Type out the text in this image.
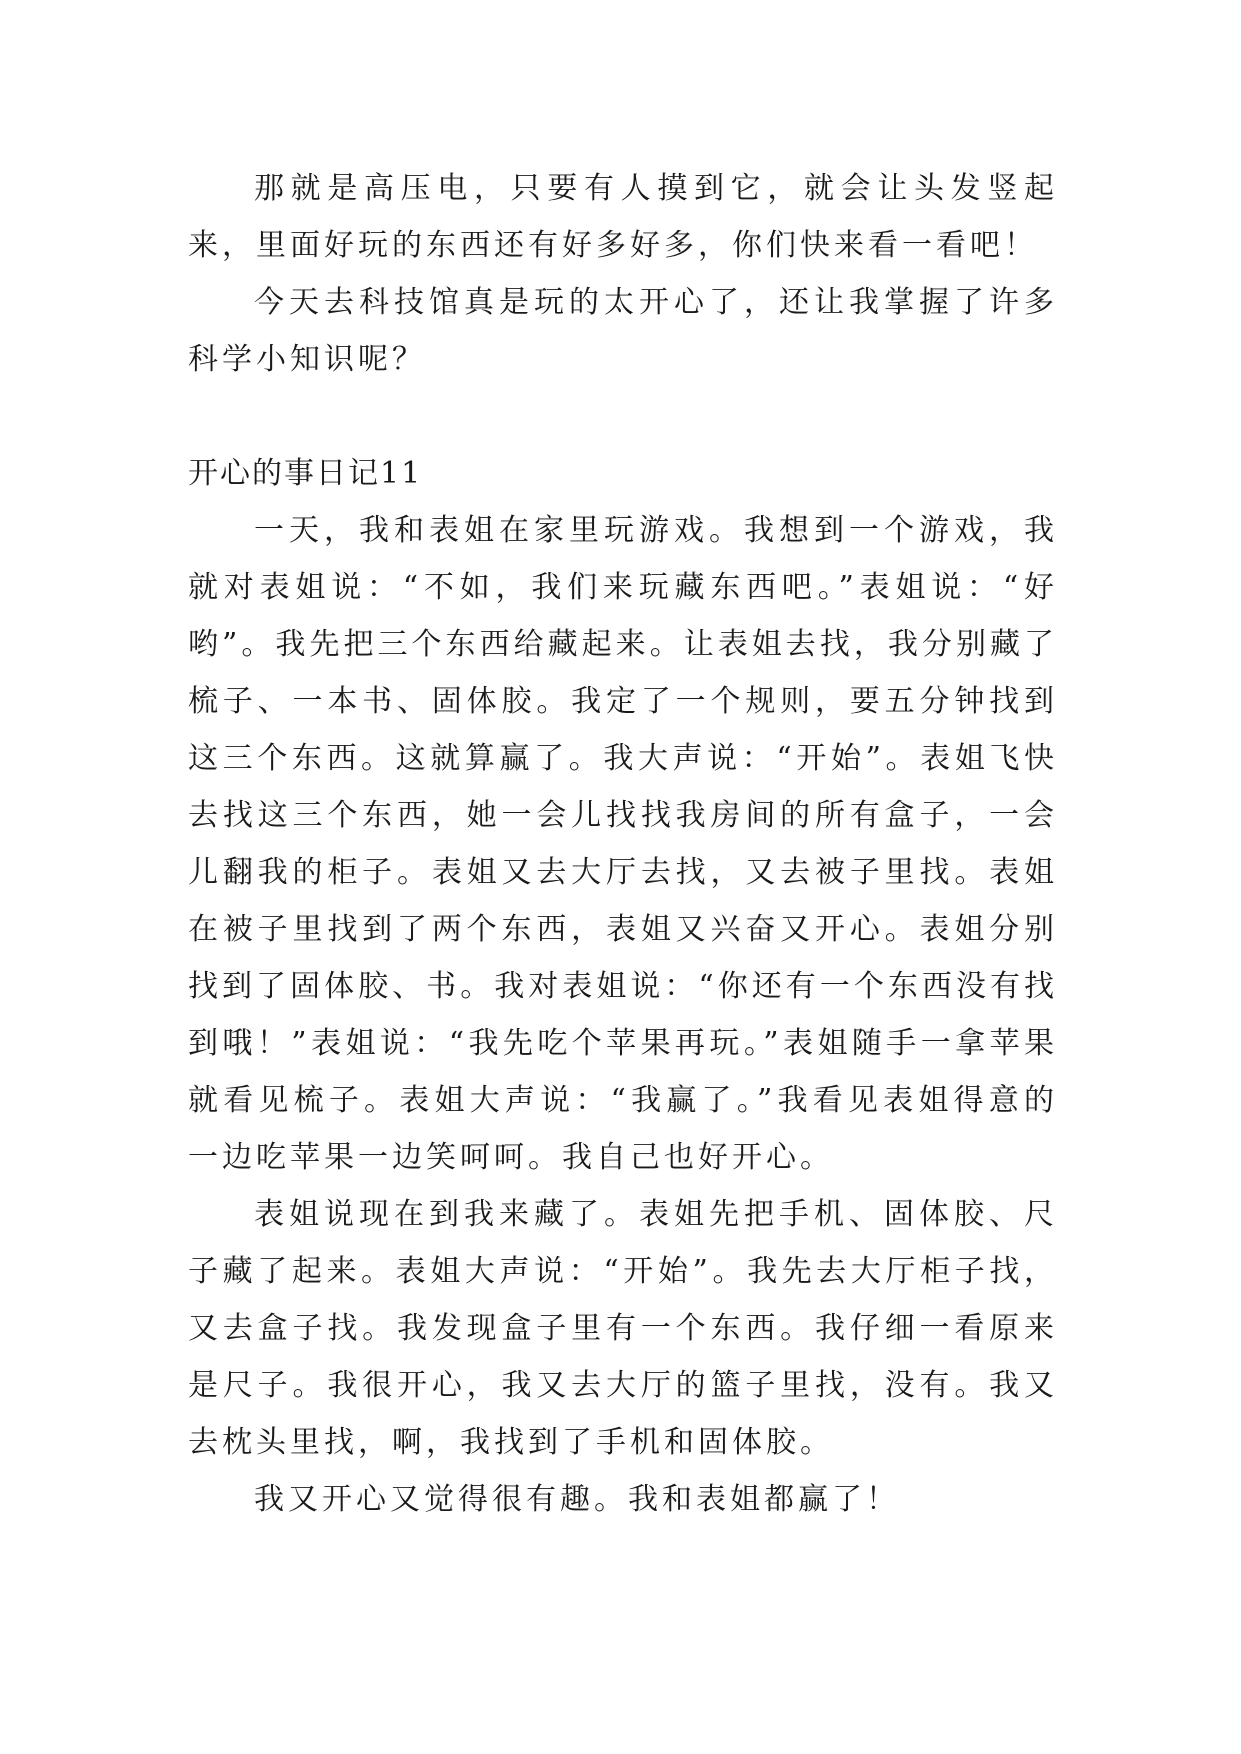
那就是高压电，只要有人摸到它，就会让头发竖起来，里面好玩的东西还有好多好多，你们快来看一看吧！

今天去科技馆真是玩的太开心了，还让我掌握了许多科学小知识呢？

开心的事日记11

一天，我和表姐在家里玩游戏。我想到一个游戏，我就对表姐说：“不如，我们来玩藏东西吧。”表姐说：“好哟”。我先把三个东西给藏起来。让表姐去找，我分别藏了梳子、一本书、固体胶。我定了一个规则，要五分钟找到这三个东西。这就算赢了。我大声说：“开始”。表姐飞快去找这三个东西，她一会儿找找我房间的所有盒子，一会儿翻我的柜子。表姐又去大厅去找，又去被子里找。表姐在被子里找到了两个东西，表姐又兴奋又开心。表姐分别找到了固体胶、书。我对表姐说：“你还有一个东西没有找到哦！”表姐说：“我先吃个苹果再玩。”表姐随手一拿苹果就看见梳子。表姐大声说：“我赢了。”我看见表姐得意的一边吃苹果一边笑呵呵。我自己也好开心。

表姐说现在到我来藏了。表姐先把手机、固体胶、尺子藏了起来。表姐大声说：“开始”。我先去大厅柜子找，又去盒子找。我发现盒子里有一个东西。我仔细一看原来是尺子。我很开心，我又去大厅的篮子里找，没有。我又去枕头里找，啊，我找到了手机和固体胶。

我又开心又觉得很有趣。我和表姐都赢了！
